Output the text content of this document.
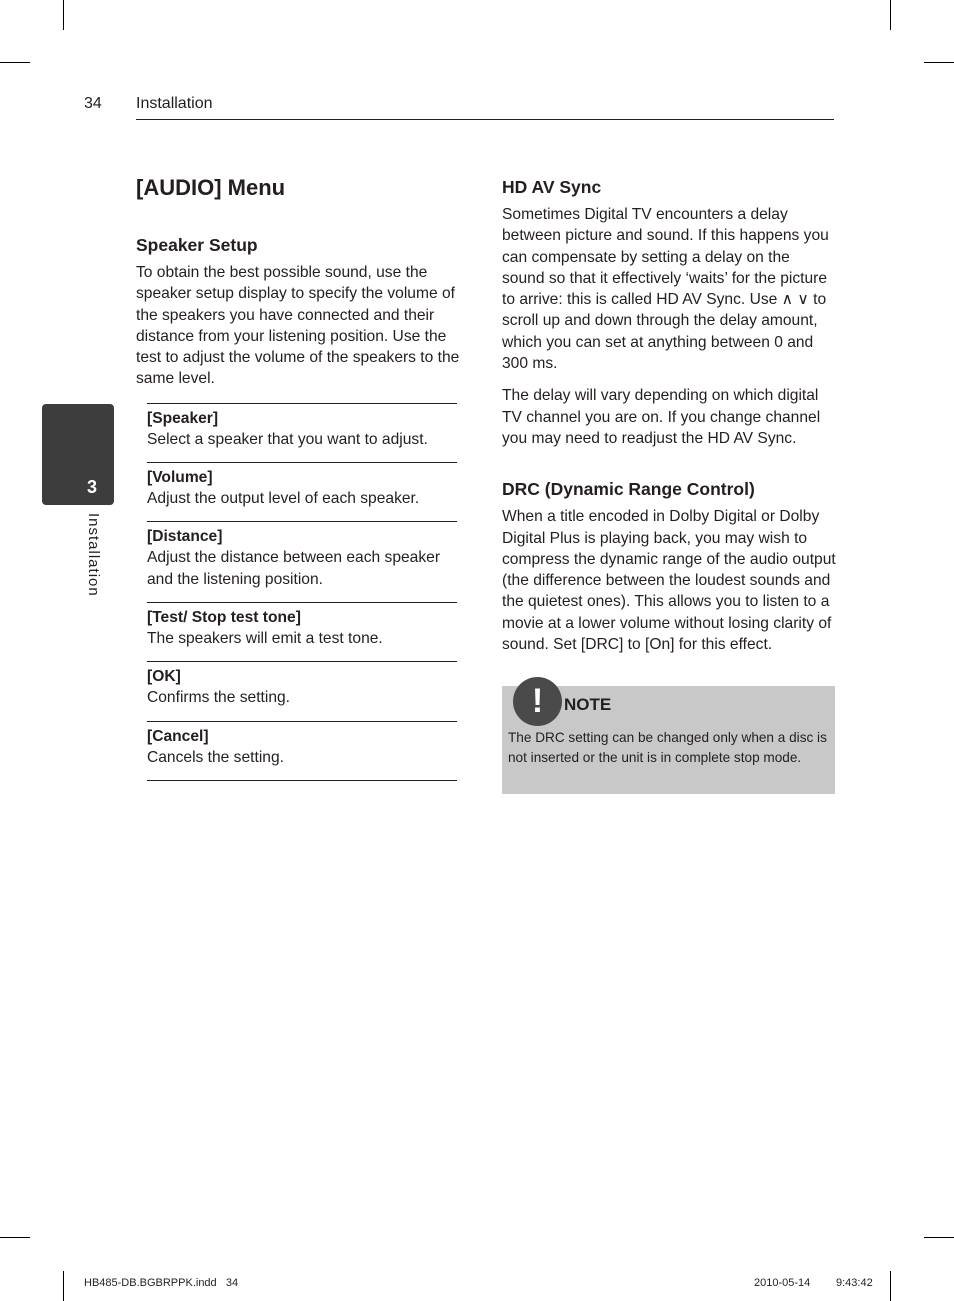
34 Installation
3
Installation
[AUDIO] Menu
Speaker Setup

To obtain the best possible sound, use the speaker setup display to specify the volume of the speakers you have connected and their distance from your listening position. Use the test to adjust the volume of the speakers to the same level.

[Speaker]
Select a speaker that you want to adjust.
[Volume]
Adjust the output level of each speaker.
[Distance]
Adjust the distance between each speaker and the listening position.
[Test/ Stop test tone]
The speakers will emit a test tone.
[OK]
Confirms the setting.
[Cancel]
Cancels the setting.
HD AV Sync

Sometimes Digital TV encounters a delay between picture and sound. If this happens you can compensate by setting a delay on the sound so that it effectively ‘waits’ for the picture to arrive: this is called HD AV Sync. Use ∧ ∨ to scroll up and down through the delay amount, which you can set at anything between 0 and 300 ms.

The delay will vary depending on which digital TV channel you are on. If you change channel you may need to readjust the HD AV Sync.

DRC (Dynamic Range Control)

When a title encoded in Dolby Digital or Dolby Digital Plus is playing back, you may wish to compress the dynamic range of the audio output (the difference between the loudest sounds and the quietest ones). This allows you to listen to a movie at a lower volume without losing clarity of sound. Set [DRC] to [On] for this effect.

!	NOTE
The DRC setting can be changed only when a disc is not inserted or the unit is in complete stop mode.
HB485-DB.BGBRPPK.indd   34	2010-05-14 9:43:42
